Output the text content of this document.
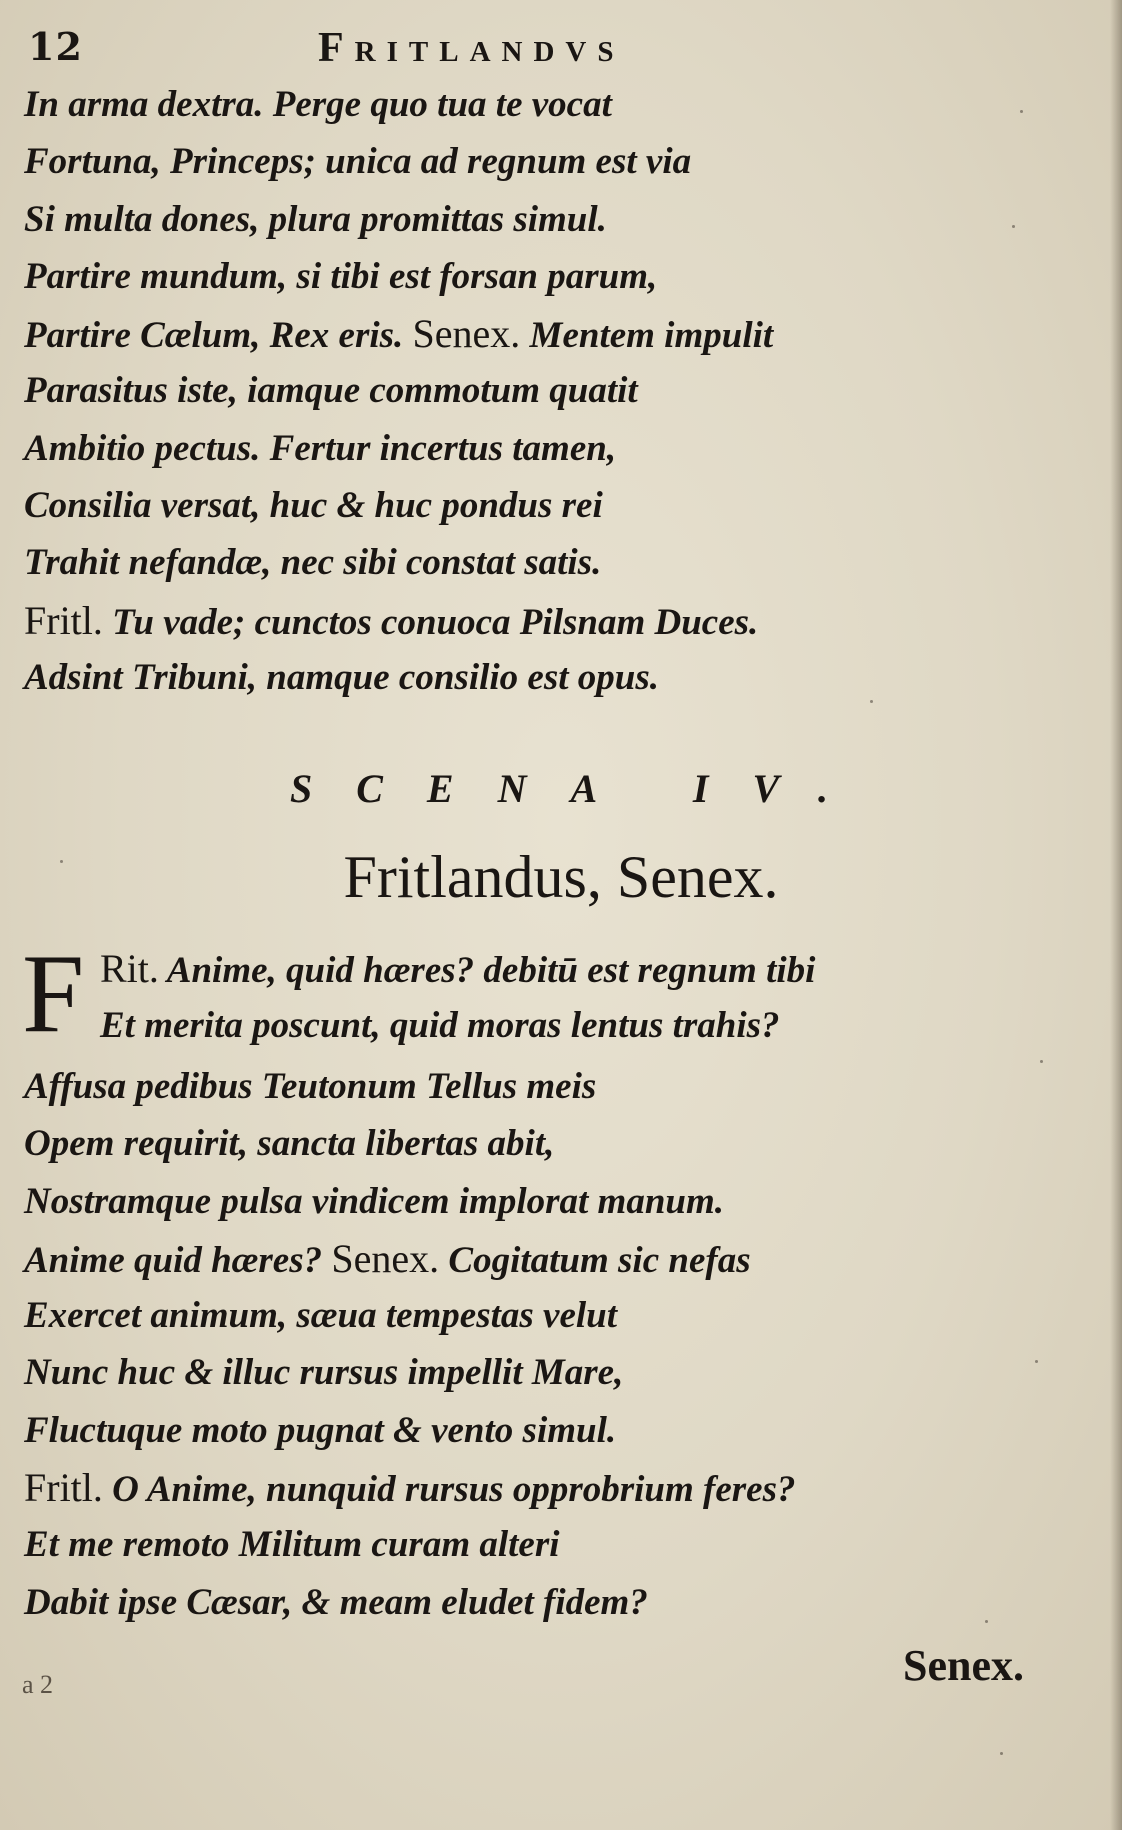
12	Fritlandvs
In arma dextra. Perge quo tua te vocat
Fortuna, Princeps; unica ad regnum est via
Si multa dones, plura promittas simul.
Partire mundum, si tibi est forsan parum,
Partire Cælum, Rex eris. Senex. Mentem impulit
Parasitus iste, iamque commotum quatit
Ambitio pectus. Fertur incertus tamen,
Consilia versat, huc & huc pondus rei
Trahit nefandæ, nec sibi constat satis.
Fritl. Tu vade; cunctos conuoca Pilsnam Duces.
Adsint Tribuni, namque consilio est opus.
SCENA IV.
Fritlandus, Senex.
F Rit. Anime, quid hæres? debitū est regnum tibi
Et merita poscunt, quid moras lentus trahis?
Affusa pedibus Teutonum Tellus meis
Opem requirit, sancta libertas abit,
Nostramque pulsa vindicem implorat manum.
Anime quid hæres? Senex. Cogitatum sic nefas
Exercet animum, sæua tempestas velut
Nunc huc & illuc rursus impellit Mare,
Fluctuque moto pugnat & vento simul.
Fritl. O Anime, nunquid rursus opprobrium feres?
Et me remoto Militum curam alteri
Dabit ipse Cæsar, & meam eludet fidem?
a 2	Senex.
